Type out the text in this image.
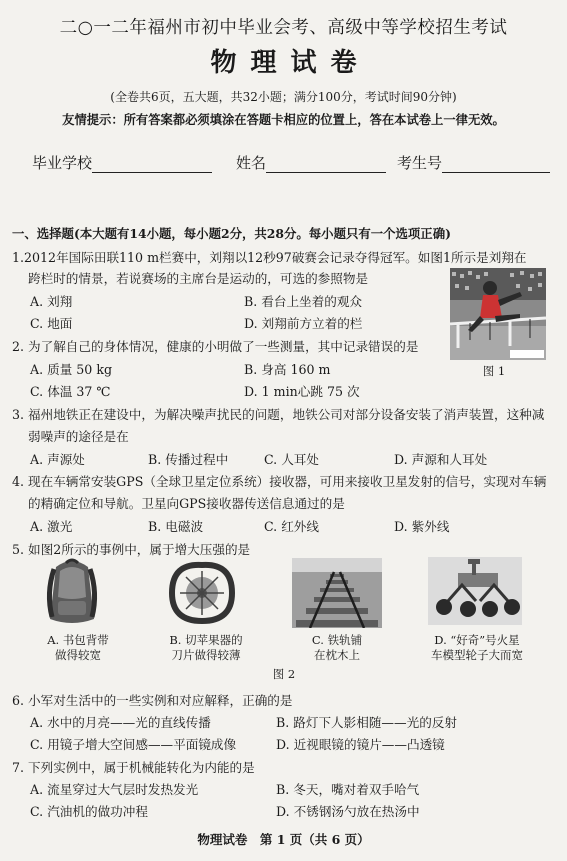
二○一二年福州市初中毕业会考、高级中等学校招生考试
物理试卷
(全卷共6页，五大题，共32小题；满分100分，考试时间90分钟)
友情提示：所有答案都必须填涂在答题卡相应的位置上，答在本试卷上一律无效。
毕业学校	姓名	考生号
一、选择题(本大题有14小题，每小题2分，共28分。每小题只有一个选项正确)
1.2012年国际田联110 m栏赛中，刘翔以12秒97破赛会记录夺得冠军。如图1所示是刘翔在
跨栏时的情景，若说赛场的主席台是运动的，可选的参照物是
A. 刘翔	B. 看台上坐着的观众
C. 地面	D. 刘翔前方立着的栏
图 1
2. 为了解自己的身体情况，健康的小明做了一些测量，其中记录错误的是
A. 质量 50 kg	B. 身高 160 m
C. 体温 37 ℃	D. 1 min心跳 75 次
3. 福州地铁正在建设中，为解决噪声扰民的问题，地铁公司对部分设备安装了消声装置，这种减
弱噪声的途径是在
A. 声源处	B. 传播过程中	C. 人耳处	D. 声源和人耳处
4. 现在车辆常安装GPS（全球卫星定位系统）接收器，可用来接收卫星发射的信号，实现对车辆
的精确定位和导航。卫星向GPS接收器传送信息通过的是
A. 激光	B. 电磁波	C. 红外线	D. 紫外线
5. 如图2所示的事例中，属于增大压强的是
A. 书包背带
做得较宽
B. 切苹果器的
刀片做得较薄
C. 铁轨铺
在枕木上
D. “好奇”号火星
车模型轮子大而宽
图 2
6. 小军对生活中的一些实例和对应解释，正确的是
A. 水中的月亮——光的直线传播	B. 路灯下人影相随——光的反射
C. 用镜子增大空间感——平面镜成像	D. 近视眼镜的镜片——凸透镜
7. 下列实例中，属于机械能转化为内能的是
A. 流星穿过大气层时发热发光	B. 冬天，嘴对着双手哈气
C. 汽油机的做功冲程	D. 不锈钢汤勺放在热汤中
物理试卷　第 1 页（共 6 页）
